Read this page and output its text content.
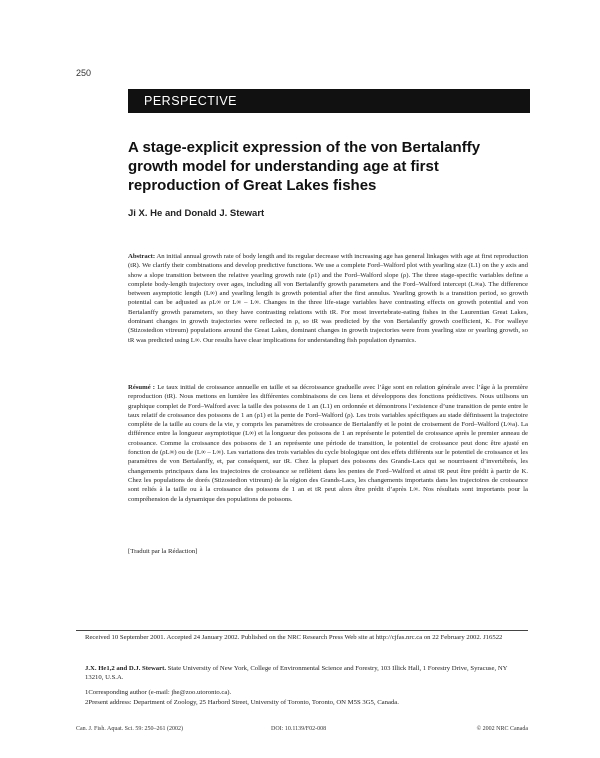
250
PERSPECTIVE
A stage-explicit expression of the von Bertalanffy growth model for understanding age at first reproduction of Great Lakes fishes
Ji X. He and Donald J. Stewart

Abstract: An initial annual growth rate of body length and its regular decrease with increasing age has general linkages with age at first reproduction (tR). We clarify their combinations and develop predictive functions. We use a complete Ford–Walford plot with yearling size (L1) on the y axis and show a slope transition between the relative yearling growth rate (ρ1) and the Ford–Walford slope (ρ). The three stage-specific variables define a complete body-length trajectory over ages, including all von Bertalanffy growth parameters and the Ford–Walford intercept (L∞a). The difference between asymptotic length (L∞) and yearling length is growth potential after the first annulus. Yearling growth is a transition period, so growth potential can be adjusted as ρL∞ or L∞ – L∞. Changes in the three life-stage variables have contrasting effects on growth potential and von Bertalanffy growth parameters, so they have contrasting relations with tR. For most invertebrate-eating fishes in the Laurentian Great Lakes, dominant changes in growth trajectories were reflected in ρ, so tR was predicted by the von Bertalanffy growth coefficient, K. For walleye (Stizostedion vitreum) populations around the Great Lakes, dominant changes in growth trajectories were from yearling size or yearling growth, so tR was predicted using L∞. Our results have clear implications for understanding fish population dynamics.

Résumé : Le taux initial de croissance annuelle en taille et sa décroissance graduelle avec l’âge sont en relation générale avec l’âge à la première reproduction (tR). Nous mettons en lumière les différentes combinaisons de ces liens et développons des fonctions prédictives. Nous utilisons un graphique complet de Ford–Walford avec la taille des poissons de 1 an (L1) en ordonnée et démontrons l’existence d’une transition de pente entre le taux relatif de croissance des poissons de 1 an (ρ1) et la pente de Ford–Walford (ρ). Les trois variables spécifiques au stade définissent la trajectoire complète de la taille au cours de la vie, y compris les paramètres de croissance de Bertalanffy et le point de croisement de Ford–Walford (L∞a). La différence entre la longueur asymptotique (L∞) et la longueur des poissons de 1 an représente le potentiel de croissance après le premier anneau de croissance. Comme la croissance des poissons de 1 an représente une période de transition, le potentiel de croissance peut donc être ajusté en fonction de (ρL∞) ou de (L∞ – L∞). Les variations des trois variables du cycle biologique ont des effets différents sur le potentiel de croissance et les paramètres de von Bertalanffy, et, par conséquent, sur tR. Chez la plupart des poissons des Grands-Lacs qui se nourrissent d’invertébrés, les changements principaux dans les trajectoires de croissance se reflètent dans les pentes de Ford–Walford et ainsi tR peut être prédit à partir de K. Chez les populations de dorés (Stizostedion vitreum) de la région des Grands-Lacs, les changements importants dans les trajectoires de croissance sont reliés à la taille ou à la croissance des poissons de 1 an et tR peut alors être prédit d’après L∞. Nos résultats sont importants pour la compréhension de la dynamique des populations de poissons.

[Traduit par la Rédaction]

Received 10 September 2001. Accepted 24 January 2002. Published on the NRC Research Press Web site at http://cjfas.nrc.ca on 22 February 2002. J16522

J.X. He1,2 and D.J. Stewart. State University of New York, College of Environmental Science and Forestry, 103 Illick Hall, 1 Forestry Drive, Syracuse, NY 13210, U.S.A.

1Corresponding author (e-mail: jhe@zoo.utoronto.ca).

2Present address: Department of Zoology, 25 Harbord Street, University of Toronto, Toronto, ON M5S 3G5, Canada.

Can. J. Fish. Aquat. Sci. 59: 250–261 (2002)	DOI: 10.1139/F02-008	© 2002 NRC Canada
